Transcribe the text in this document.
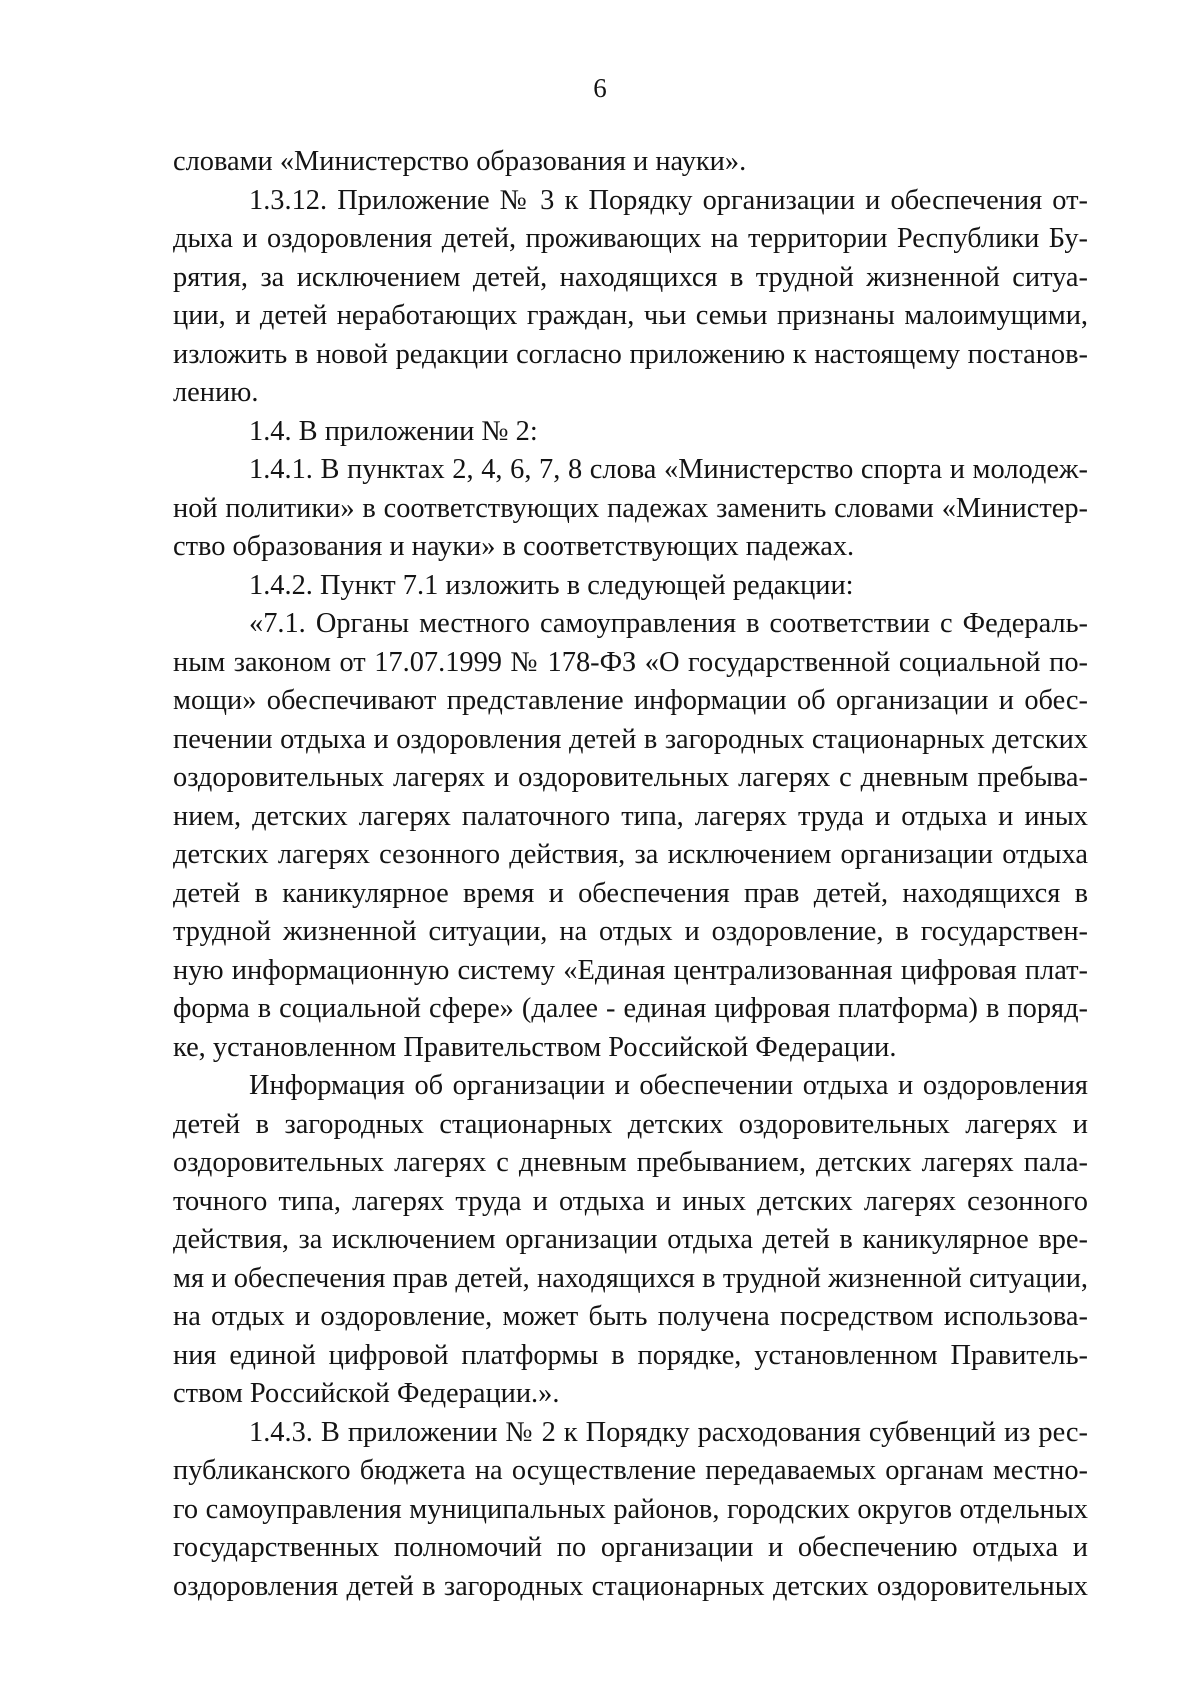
6

словами «Министерство образования и науки».

1.3.12. Приложение № 3 к Порядку организации и обеспечения отдыха и оздоровления детей, проживающих на территории Республики Бурятия, за исключением детей, находящихся в трудной жизненной ситуации, и детей неработающих граждан, чьи семьи признаны малоимущими, изложить в новой редакции согласно приложению к настоящему постановлению.

1.4. В приложении № 2:

1.4.1. В пунктах 2, 4, 6, 7, 8 слова «Министерство спорта и молодежной политики» в соответствующих падежах заменить словами «Министерство образования и науки» в соответствующих падежах.

1.4.2. Пункт 7.1 изложить в следующей редакции:

«7.1. Органы местного самоуправления в соответствии с Федеральным законом от 17.07.1999 № 178-ФЗ «О государственной социальной помощи» обеспечивают представление информации об организации и обеспечении отдыха и оздоровления детей в загородных стационарных детских оздоровительных лагерях и оздоровительных лагерях с дневным пребыванием, детских лагерях палаточного типа, лагерях труда и отдыха и иных детских лагерях сезонного действия, за исключением организации отдыха детей в каникулярное время и обеспечения прав детей, находящихся в трудной жизненной ситуации, на отдых и оздоровление, в государственную информационную систему «Единая централизованная цифровая платформа в социальной сфере» (далее - единая цифровая платформа) в порядке, установленном Правительством Российской Федерации.

Информация об организации и обеспечении отдыха и оздоровления детей в загородных стационарных детских оздоровительных лагерях и оздоровительных лагерях с дневным пребыванием, детских лагерях палаточного типа, лагерях труда и отдыха и иных детских лагерях сезонного действия, за исключением организации отдыха детей в каникулярное время и обеспечения прав детей, находящихся в трудной жизненной ситуации, на отдых и оздоровление, может быть получена посредством использования единой цифровой платформы в порядке, установленном Правительством Российской Федерации.».

1.4.3. В приложении № 2 к Порядку расходования субвенций из республиканского бюджета на осуществление передаваемых органам местного самоуправления муниципальных районов, городских округов отдельных государственных полномочий по организации и обеспечению отдыха и оздоровления детей в загородных стационарных детских оздоровительных
